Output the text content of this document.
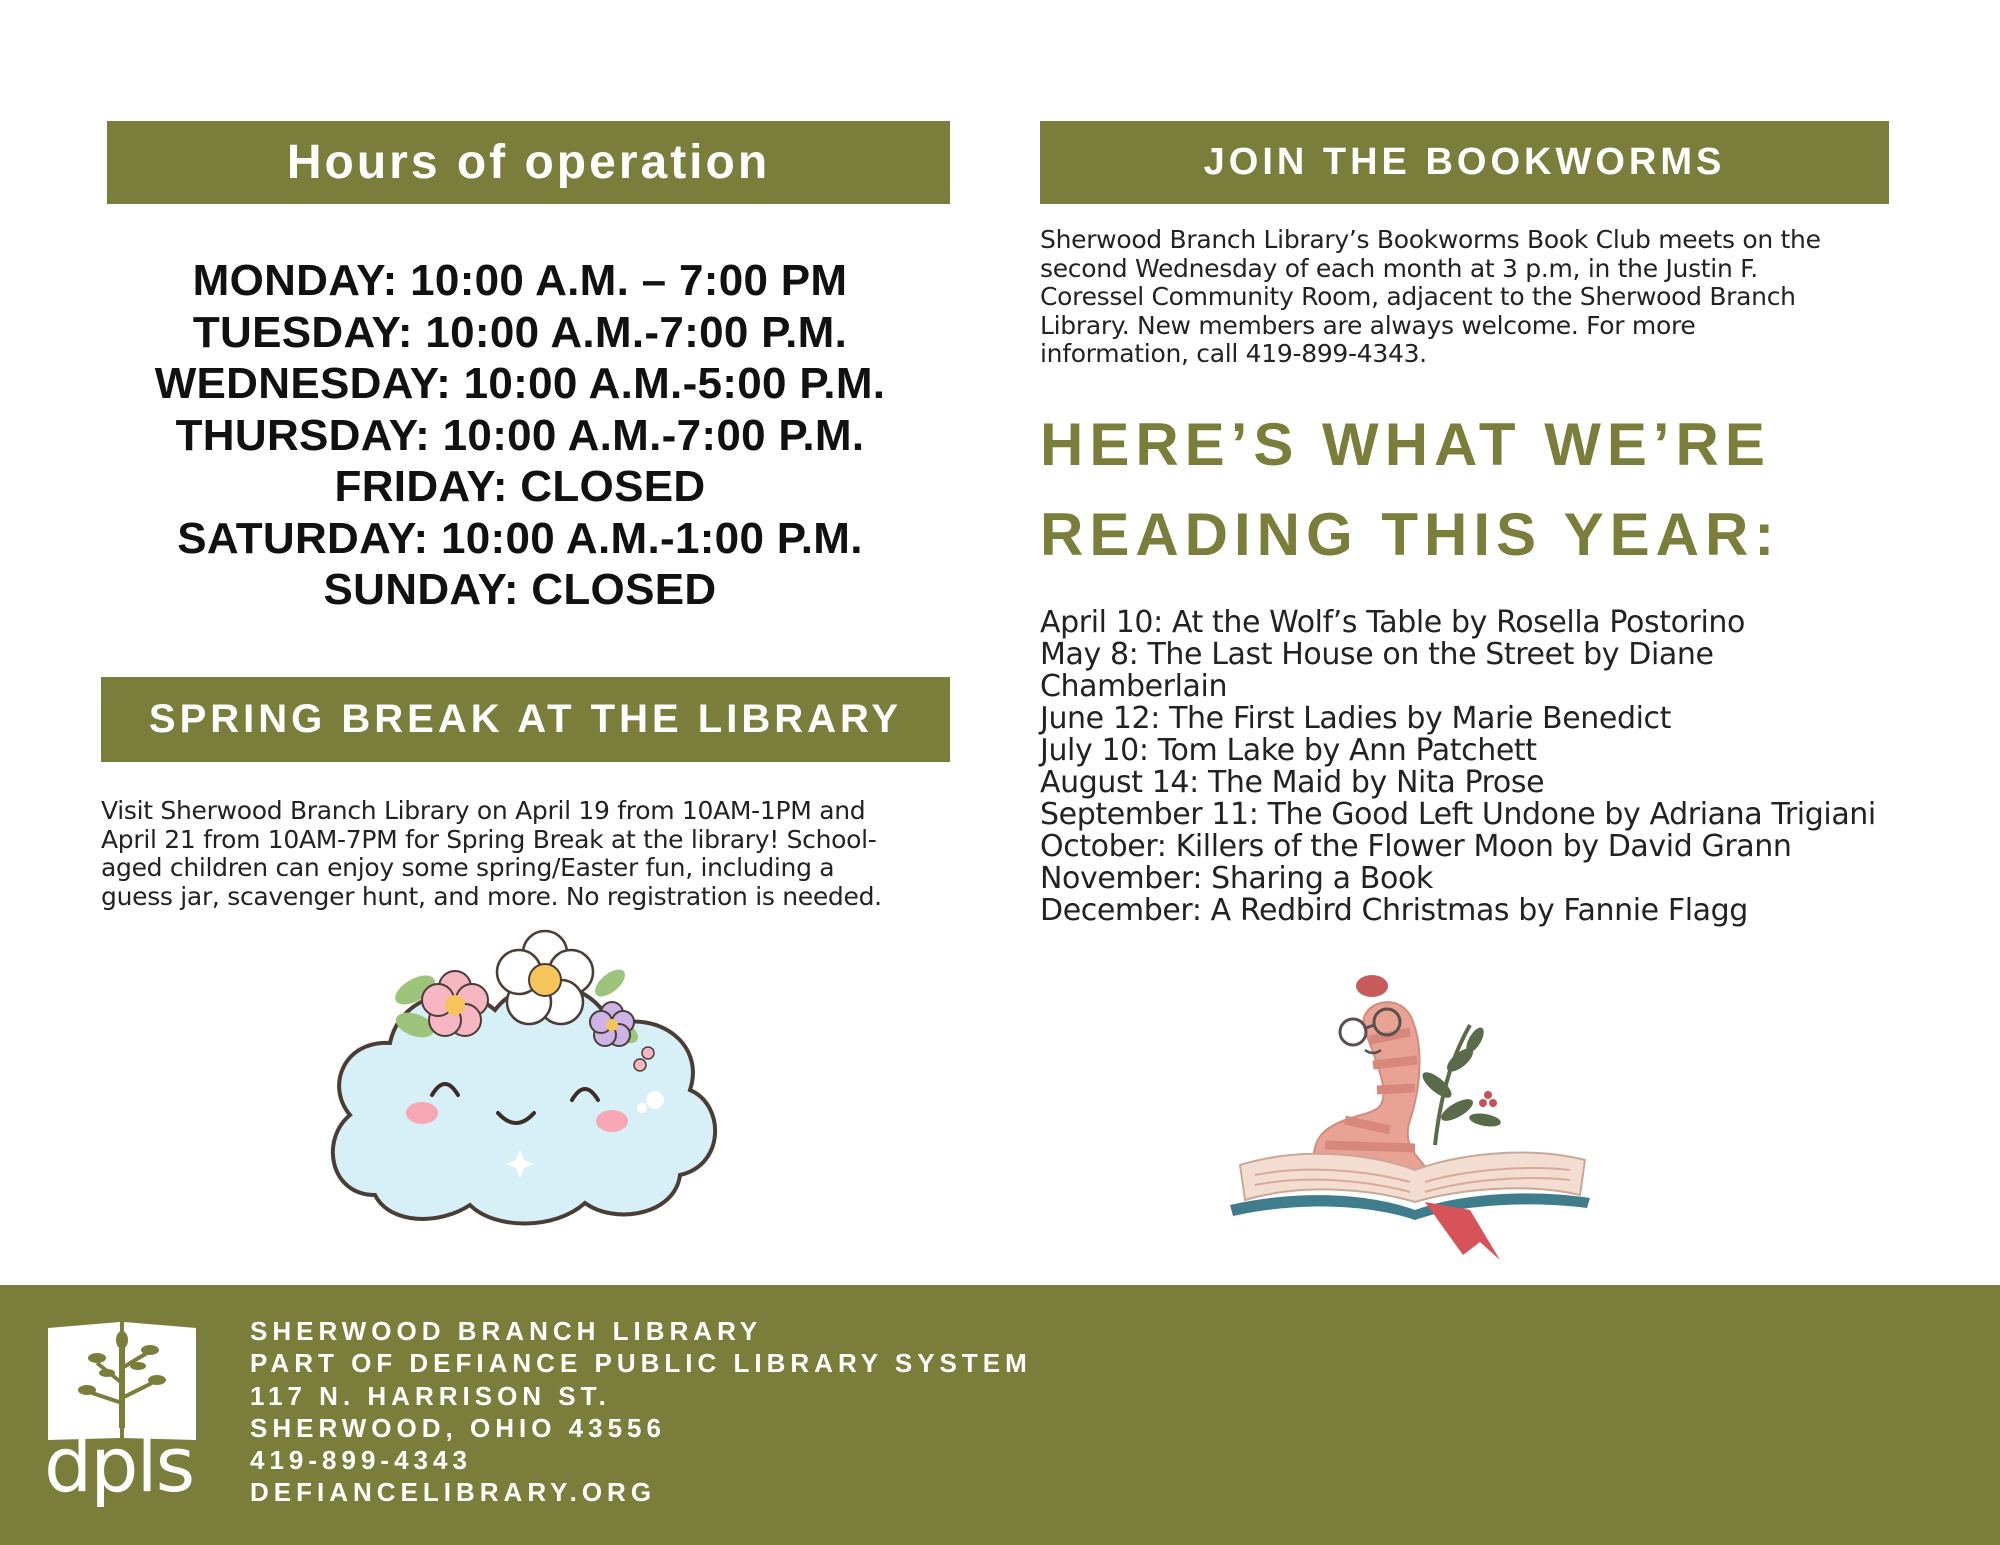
Hours of operation
MONDAY: 10:00 A.M. – 7:00 PM
TUESDAY: 10:00 A.M.-7:00 P.M.
WEDNESDAY: 10:00 A.M.-5:00 P.M.
THURSDAY: 10:00 A.M.-7:00 P.M.
FRIDAY: CLOSED
SATURDAY: 10:00 A.M.-1:00 P.M.
SUNDAY: CLOSED
SPRING BREAK AT THE LIBRARY
Visit Sherwood Branch Library on April 19 from 10AM-1PM and
April 21 from 10AM-7PM for Spring Break at the library! School-
aged children can enjoy some spring/Easter fun, including a
guess jar, scavenger hunt, and more. No registration is needed.
JOIN THE BOOKWORMS
Sherwood Branch Library’s Bookworms Book Club meets on the
second Wednesday of each month at 3 p.m, in the Justin F.
Coressel Community Room, adjacent to the Sherwood Branch
Library. New members are always welcome. For more
information, call 419-899-4343.
HERE’S WHAT WE’RE
READING THIS YEAR:
April 10: At the Wolf’s Table by Rosella Postorino
May 8: The Last House on the Street by Diane
Chamberlain
June 12: The First Ladies by Marie Benedict
July 10: Tom Lake by Ann Patchett
August 14: The Maid by Nita Prose
September 11: The Good Left Undone by Adriana Trigiani
October: Killers of the Flower Moon by David Grann
November: Sharing a Book
December: A Redbird Christmas by Fannie Flagg
dpls
SHERWOOD BRANCH LIBRARY
PART OF DEFIANCE PUBLIC LIBRARY SYSTEM
117 N. HARRISON ST.
SHERWOOD, OHIO 43556
419-899-4343
DEFIANCELIBRARY.ORG
